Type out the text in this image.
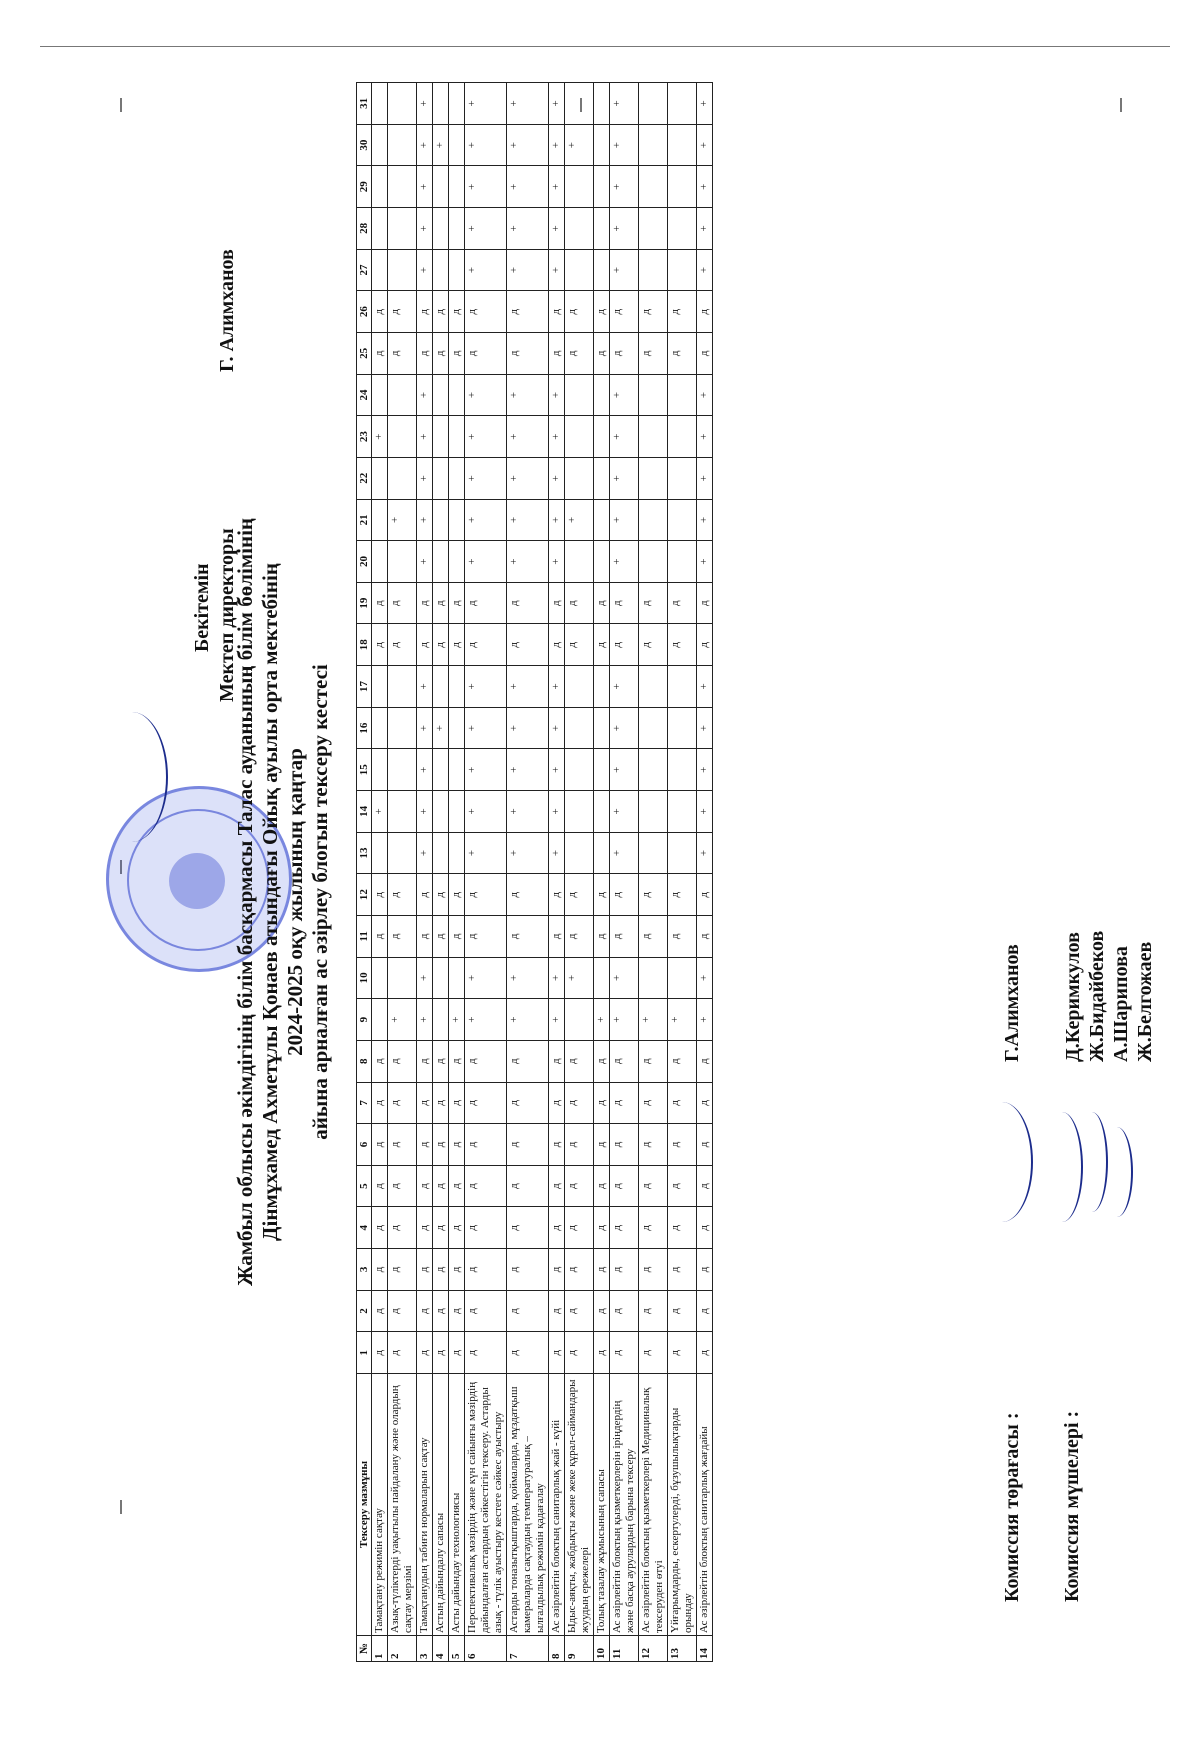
Бекітемін Мектеп директоры
Г. Алимханов
Жамбыл облысы әкімдігінің білім басқармасы Талас ауданының білім бөлімінің Дінмұхамед Ахметұлы Қонаев атындағы Ойық ауылы орта мектебінің 2024-2025 оқу жылының қаңтар айына арналған ас әзірлеу блогын тексеру кестесі
№	Тексеру мазмұны	1	2	3	4	5	6	7	8	9	10	11	12	13	14	15	16	17	18	19	20	21	22	23	24	25	26	27	28	29	30	31
1	Тамақтану режимін сақтау	д	д	д	д	д	д	д	д			д	д		+				д	д				+		д	д					
2	Азық-түліктерді уақытылы пайдалану және олардың сақтау мерзімі	д	д	д	д	д	д	д	д	+		д	д						д	д		+				д	д					
3	Тамақтанудың табиғи нормаларын сақтау	д	д	д	д	д	д	д	д	+	+	д	д	+	+	+	+	+	д	д	+	+	+	+	+	д	д	+	+	+	+	+
4	Астың дайындалу сапасы	д	д	д	д	д	д	д	д			д	д				+		д	д						д	д				+	
5	Асты дайындау технологиясы	д	д	д	д	д	д	д	д	+		д	д						д	д						д	д					
6	Перспективалық мәзірдің және күн сайынғы мәзірдің дайындалған астардың сәйкестігін тексеру. Астарды азық - түлік ауыстыру кестеге сәйкес ауыстыру	д	д	д	д	д	д	д	д	+	+	д	д	+	+	+	+	+	д	д	+	+	+	+	+	д	д	+	+	+	+	+
7	Астарды тоназытқыштарда, қоймаларда, мұздатқыш камераларда сақтаудың температуралық – ылғалдылық режимін қадағалау	д	д	д	д	д	д	д	д	+	+	д	д	+	+	+	+	+	д	д	+	+	+	+	+	д	д	+	+	+	+	+
8	Ас әзірлейтін блоктың санитарлық жай - күйі	д	д	д	д	д	д	д	д	+	+	д	д	+	+	+	+	+	д	д	+	+	+	+	+	д	д	+	+	+	+	+
9	Ыдыс-аяқты, жабдықты және жеке құрал-саймандары жуудың ережелері	д	д	д	д	д	д	д	д		+	д	д						д	д		+				д	д				+	
10	Толық тазалау жұмысының сапасы	д	д	д	д	д	д	д	д	+		д	д						д	д						д	д					
11	Ас әзірлейтін блоктың қызметкерлерін іріңдердің және басқа аурулардың барына тексеру	д	д	д	д	д	д	д	д	+	+	д	д	+	+	+	+	+	д	д	+	+	+	+	+	д	д	+	+	+	+	+
12	Ас әзірлейтін блоктың қызметкерлері Медициналық тексеруден өтуі	д	д	д	д	д	д	д	д	+		д	д						д	д						д	д					
13	Үйғарымдарды, ескертулерді, бұзушылықтарды орындау	д	д	д	д	д	д	д	д	+		д	д						д	д						д	д					
14	Ас әзірлейтін блоктың санитарлық жағдайы	д	д	д	д	д	д	д	д	+	+	д	д	+	+	+	+	+	д	д	+	+	+	+	+	д	д	+	+	+	+	+
Комиссия төрағасы :
Г.Алимханов
Комиссия мүшелері :
Д.Керимкулов Ж.Бидайбеков А.Шарипова Ж.Белгожаев
